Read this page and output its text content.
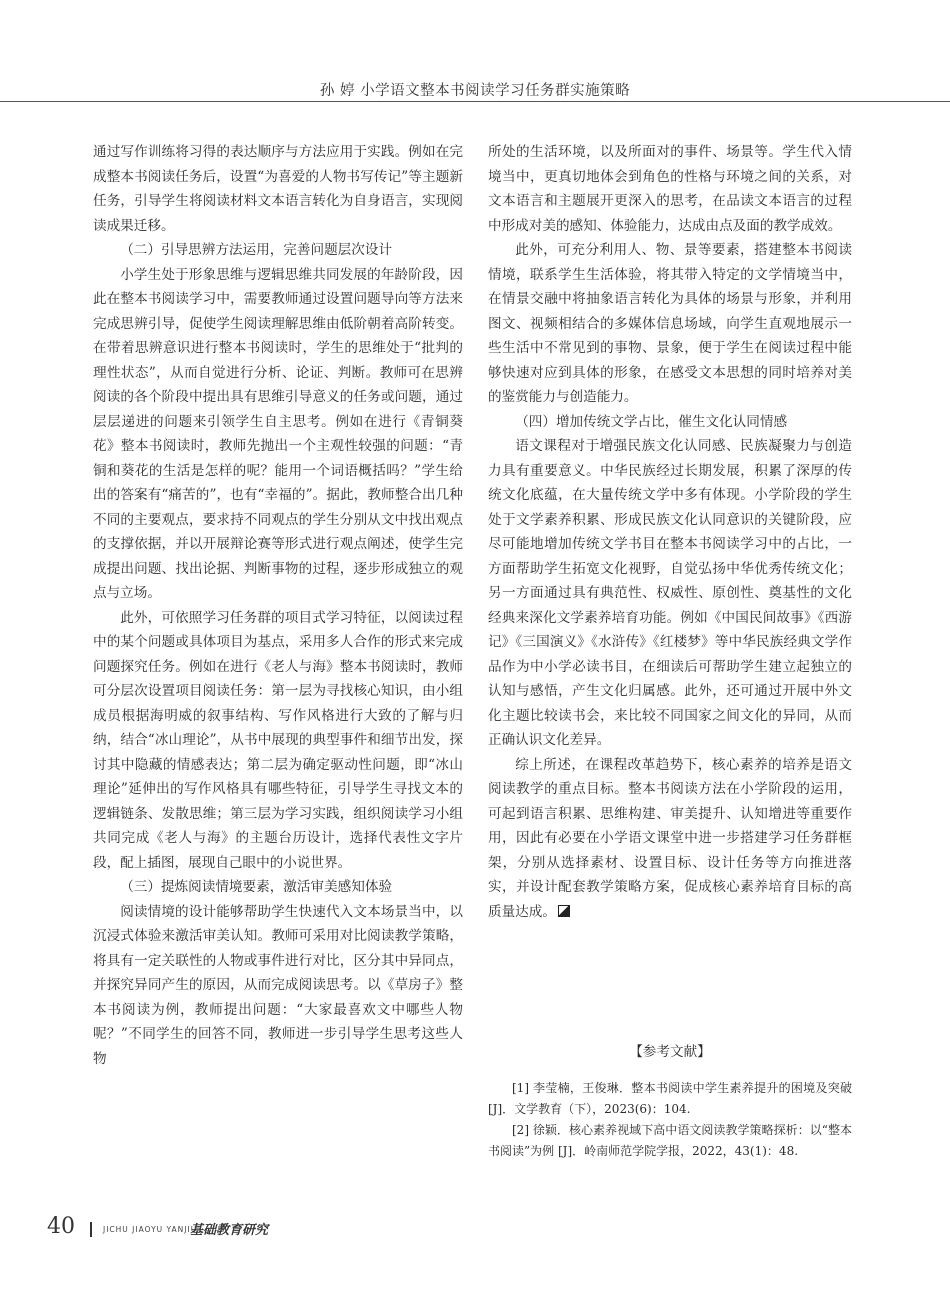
孙 婷 小学语文整本书阅读学习任务群实施策略

通过写作训练将习得的表达顺序与方法应用于实践。例如在完成整本书阅读任务后，设置“为喜爱的人物书写传记”等主题新任务，引导学生将阅读材料文本语言转化为自身语言，实现阅读成果迁移。

（二）引导思辨方法运用，完善问题层次设计

小学生处于形象思维与逻辑思维共同发展的年龄阶段，因此在整本书阅读学习中，需要教师通过设置问题导向等方法来完成思辨引导，促使学生阅读理解思维由低阶朝着高阶转变。在带着思辨意识进行整本书阅读时，学生的思维处于“批判的理性状态”，从而自觉进行分析、论证、判断。教师可在思辨阅读的各个阶段中提出具有思维引导意义的任务或问题，通过层层递进的问题来引领学生自主思考。例如在进行《青铜葵花》整本书阅读时，教师先抛出一个主观性较强的问题：“青铜和葵花的生活是怎样的呢？能用一个词语概括吗？”学生给出的答案有“痛苦的”，也有“幸福的”。据此，教师整合出几种不同的主要观点，要求持不同观点的学生分别从文中找出观点的支撑依据，并以开展辩论赛等形式进行观点阐述，使学生完成提出问题、找出论据、判断事物的过程，逐步形成独立的观点与立场。

此外，可依照学习任务群的项目式学习特征，以阅读过程中的某个问题或具体项目为基点，采用多人合作的形式来完成问题探究任务。例如在进行《老人与海》整本书阅读时，教师可分层次设置项目阅读任务：第一层为寻找核心知识，由小组成员根据海明威的叙事结构、写作风格进行大致的了解与归纳，结合“冰山理论”，从书中展现的典型事件和细节出发，探讨其中隐藏的情感表达；第二层为确定驱动性问题，即“冰山理论”延伸出的写作风格具有哪些特征，引导学生寻找文本的逻辑链条、发散思维；第三层为学习实践，组织阅读学习小组共同完成《老人与海》的主题台历设计，选择代表性文字片段，配上插图，展现自己眼中的小说世界。

（三）提炼阅读情境要素，激活审美感知体验

阅读情境的设计能够帮助学生快速代入文本场景当中，以沉浸式体验来激活审美认知。教师可采用对比阅读教学策略，将具有一定关联性的人物或事件进行对比，区分其中异同点，并探究异同产生的原因，从而完成阅读思考。以《草房子》整本书阅读为例，教师提出问题：“大家最喜欢文中哪些人物呢？”不同学生的回答不同，教师进一步引导学生思考这些人物

所处的生活环境，以及所面对的事件、场景等。学生代入情境当中，更真切地体会到角色的性格与环境之间的关系，对文本语言和主题展开更深入的思考，在品读文本语言的过程中形成对美的感知、体验能力，达成由点及面的教学成效。

此外，可充分利用人、物、景等要素，搭建整本书阅读情境，联系学生生活体验，将其带入特定的文学情境当中，在情景交融中将抽象语言转化为具体的场景与形象，并利用图文、视频相结合的多媒体信息场域，向学生直观地展示一些生活中不常见到的事物、景象，便于学生在阅读过程中能够快速对应到具体的形象，在感受文本思想的同时培养对美的鉴赏能力与创造能力。

（四）增加传统文学占比，催生文化认同情感

语文课程对于增强民族文化认同感、民族凝聚力与创造力具有重要意义。中华民族经过长期发展，积累了深厚的传统文化底蕴，在大量传统文学中多有体现。小学阶段的学生处于文学素养积累、形成民族文化认同意识的关键阶段，应尽可能地增加传统文学书目在整本书阅读学习中的占比，一方面帮助学生拓宽文化视野，自觉弘扬中华优秀传统文化；另一方面通过具有典范性、权威性、原创性、奠基性的文化经典来深化文学素养培育功能。例如《中国民间故事》《西游记》《三国演义》《水浒传》《红楼梦》等中华民族经典文学作品作为中小学必读书目，在细读后可帮助学生建立起独立的认知与感悟，产生文化归属感。此外，还可通过开展中外文化主题比较读书会，来比较不同国家之间文化的异同，从而正确认识文化差异。

综上所述，在课程改革趋势下，核心素养的培养是语文阅读教学的重点目标。整本书阅读方法在小学阶段的运用，可起到语言积累、思维构建、审美提升、认知增进等重要作用，因此有必要在小学语文课堂中进一步搭建学习任务群框架，分别从选择素材、设置目标、设计任务等方向推进落实，并设计配套教学策略方案，促成核心素养培育目标的高质量达成。

【参考文献】

[1] 李莹楠，王俊琳．整本书阅读中学生素养提升的困境及突破 [J]．文学教育（下），2023(6)：104.

[2] 徐颖．核心素养视域下高中语文阅读教学策略探析：以“整本书阅读”为例 [J]．岭南师范学院学报，2022，43(1)：48.

40	JICHU JIAOYU YANJIU
基础教育研究
